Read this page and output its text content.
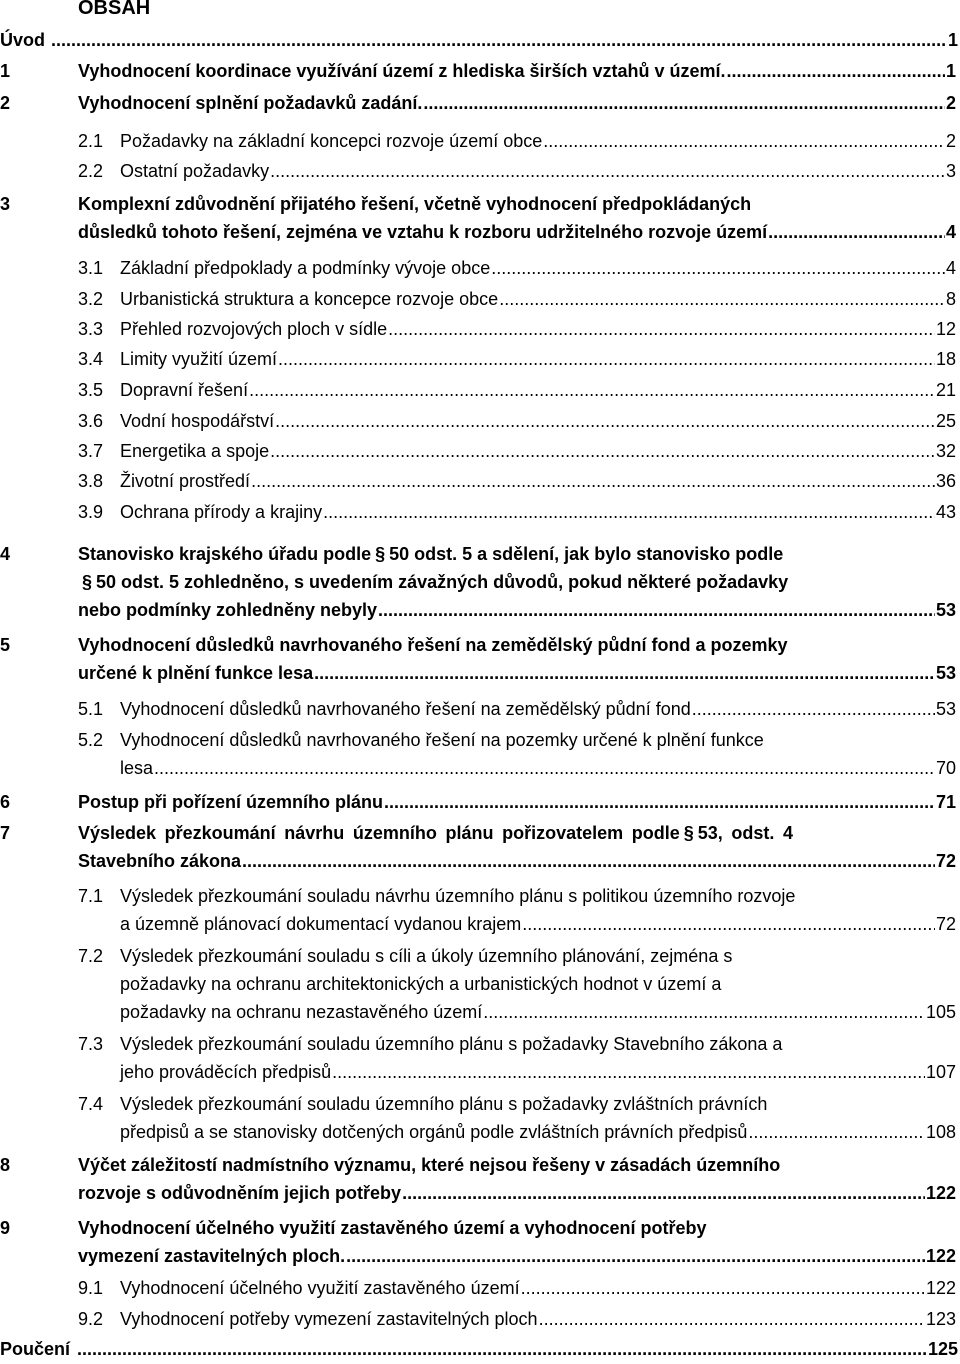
OBSAH
Úvod .....	1
1	Vyhodnocení koordinace využívání území z hlediska širších vztahů v území. .....	1
2	Vyhodnocení splnění požadavků zadání. .....	2
2.1 Požadavky na základní koncepci rozvoje území obce .....	2
2.2 Ostatní požadavky .....	3
3	Komplexní zdůvodnění přijatého řešení, včetně vyhodnocení předpokládaných
důsledků tohoto řešení, zejména ve vztahu k rozboru udržitelného rozvoje území .....	4
3.1 Základní předpoklady a podmínky vývoje obce .....	4
3.2 Urbanistická struktura a koncepce rozvoje obce .....	8
3.3 Přehled rozvojových ploch v sídle .....	12
3.4 Limity využití území .....	18
3.5 Dopravní řešení .....	21
3.6 Vodní hospodářství .....	25
3.7 Energetika a spoje .....	32
3.8 Životní prostředí .....	36
3.9 Ochrana přírody a krajiny .....	43
4	Stanovisko krajského úřadu podle § 50 odst. 5 a sdělení, jak bylo stanovisko podle
§ 50 odst. 5 zohledněno, s uvedením závažných důvodů, pokud některé požadavky
nebo podmínky zohledněny nebyly .....	53
5	Vyhodnocení důsledků navrhovaného řešení na zemědělský půdní fond a pozemky
určené k plnění funkce lesa .....	53
5.1 Vyhodnocení důsledků navrhovaného řešení na zemědělský půdní fond .....	53
5.2 Vyhodnocení důsledků navrhovaného řešení na pozemky určené k plnění funkce
lesa .....	70
6	Postup při pořízení územního plánu .....	71
7	Výsledek přezkoumání návrhu územního plánu pořizovatelem podle § 53, odst. 4
Stavebního zákona .....	72
7.1 Výsledek přezkoumání souladu návrhu územního plánu s politikou územního rozvoje
a územně plánovací dokumentací vydanou krajem .....	72
7.2 Výsledek přezkoumání souladu s cíli a úkoly územního plánování, zejména s
požadavky na ochranu architektonických a urbanistických hodnot v území a
požadavky na ochranu nezastavěného území .....	105
7.3 Výsledek přezkoumání souladu územního plánu s požadavky Stavebního zákona a
jeho prováděcích předpisů .....	107
7.4 Výsledek přezkoumání souladu územního plánu s požadavky zvláštních právních
předpisů a se stanovisky dotčených orgánů podle zvláštních právních předpisů .....	108
8	Výčet záležitostí nadmístního významu, které nejsou řešeny v zásadách územního
rozvoje s odůvodněním jejich potřeby .....	122
9	Vyhodnocení účelného využití zastavěného území a vyhodnocení potřeby
vymezení zastavitelných ploch. .....	122
9.1 Vyhodnocení účelného využití zastavěného území .....	122
9.2 Vyhodnocení potřeby vymezení zastavitelných ploch .....	123
Poučení .....	125
